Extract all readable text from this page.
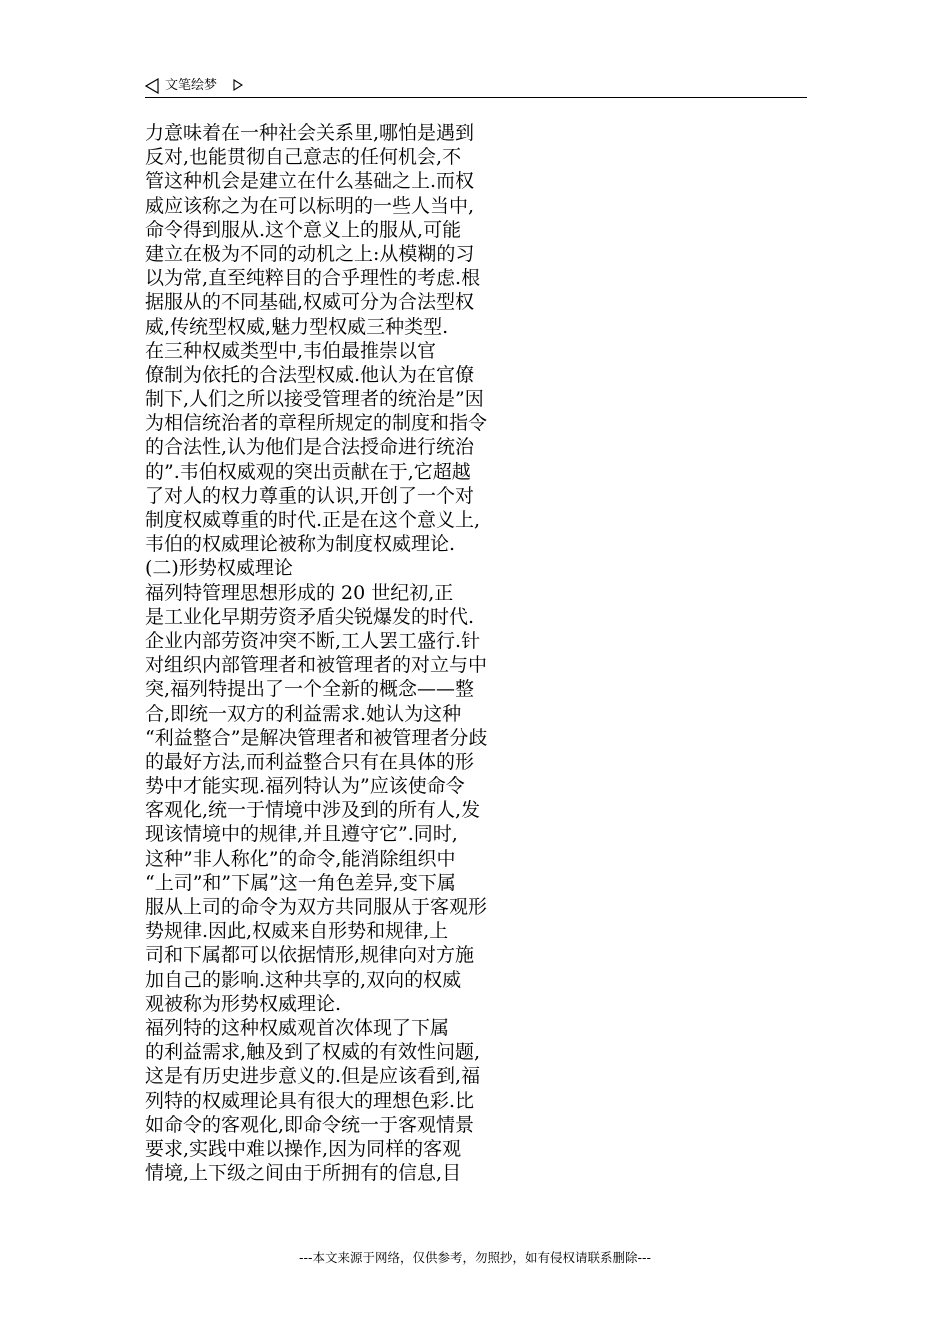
文笔绘梦
力意味着在一种社会关系里,哪怕是遇到
反对,也能贯彻自己意志的任何机会,不
管这种机会是建立在什么基础之上.而权
威应该称之为在可以标明的一些人当中,
命令得到服从.这个意义上的服从,可能
建立在极为不同的动机之上:从模糊的习
以为常,直至纯粹目的合乎理性的考虑.根
据服从的不同基础,权威可分为合法型权
威,传统型权威,魅力型权威三种类型.
在三种权威类型中,韦伯最推崇以官
僚制为依托的合法型权威.他认为在官僚
制下,人们之所以接受管理者的统治是”因
为相信统治者的章程所规定的制度和指令
的合法性,认为他们是合法授命进行统治
的”.韦伯权威观的突出贡献在于,它超越
了对人的权力尊重的认识,开创了一个对
制度权威尊重的时代.正是在这个意义上,
韦伯的权威理论被称为制度权威理论.
(二)形势权威理论
福列特管理思想形成的 20 世纪初,正
是工业化早期劳资矛盾尖锐爆发的时代.
企业内部劳资冲突不断,工人罢工盛行.针
对组织内部管理者和被管理者的对立与中
突,福列特提出了一个全新的概念——整
合,即统一双方的利益需求.她认为这种
“利益整合”是解决管理者和被管理者分歧
的最好方法,而利益整合只有在具体的形
势中才能实现.福列特认为”应该使命令
客观化,统一于情境中涉及到的所有人,发
现该情境中的规律,并且遵守它”.同时,
这种”非人称化”的命令,能消除组织中
“上司”和”下属”这一角色差异,变下属
服从上司的命令为双方共同服从于客观形
势规律.因此,权威来自形势和规律,上
司和下属都可以依据情形,规律向对方施
加自己的影响.这种共享的,双向的权威
观被称为形势权威理论.
福列特的这种权威观首次体现了下属
的利益需求,触及到了权威的有效性问题,
这是有历史进步意义的.但是应该看到,福
列特的权威理论具有很大的理想色彩.比
如命令的客观化,即命令统一于客观情景
要求,实践中难以操作,因为同样的客观
情境,上下级之间由于所拥有的信息,目
---本文来源于网络，仅供参考，勿照抄，如有侵权请联系删除---
